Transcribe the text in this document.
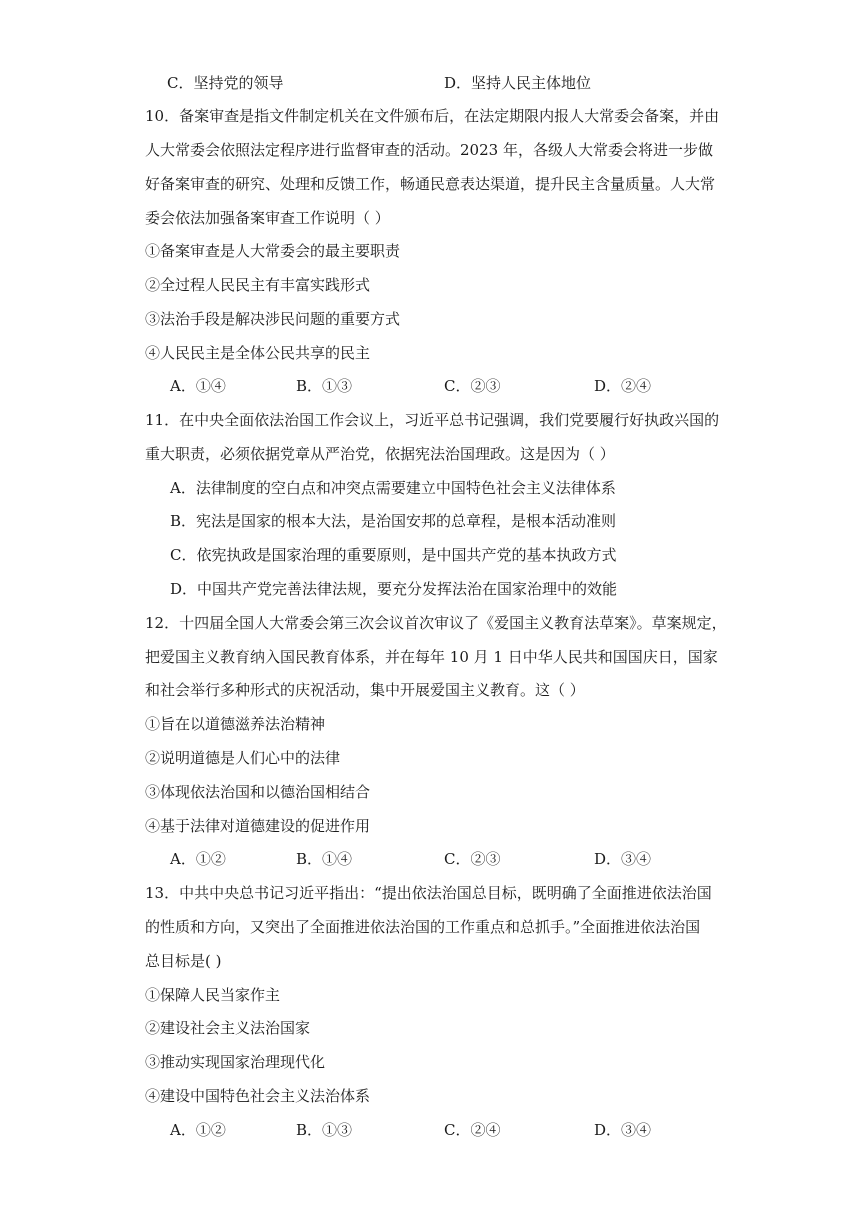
C．坚持党的领导	D．坚持人民主体地位
10．备案审查是指文件制定机关在文件颁布后，在法定期限内报人大常委会备案，并由
人大常委会依照法定程序进行监督审查的活动。2023 年，各级人大常委会将进一步做
好备案审查的研究、处理和反馈工作，畅通民意表达渠道，提升民主含量质量。人大常
委会依法加强备案审查工作说明（ ）
①备案审查是人大常委会的最主要职责
②全过程人民民主有丰富实践形式
③法治手段是解决涉民问题的重要方式
④人民民主是全体公民共享的民主
A．①④	B．①③	C．②③	D．②④
11．在中央全面依法治国工作会议上，习近平总书记强调，我们党要履行好执政兴国的
重大职责，必须依据党章从严治党，依据宪法治国理政。这是因为（ ）
A．法律制度的空白点和冲突点需要建立中国特色社会主义法律体系
B．宪法是国家的根本大法，是治国安邦的总章程，是根本活动准则
C．依宪执政是国家治理的重要原则，是中国共产党的基本执政方式
D．中国共产党完善法律法规，要充分发挥法治在国家治理中的效能
12．十四届全国人大常委会第三次会议首次审议了《爱国主义教育法草案》。草案规定，
把爱国主义教育纳入国民教育体系，并在每年 10 月 1 日中华人民共和国国庆日，国家
和社会举行多种形式的庆祝活动，集中开展爱国主义教育。这（ ）
①旨在以道德滋养法治精神
②说明道德是人们心中的法律
③体现依法治国和以德治国相结合
④基于法律对道德建设的促进作用
A．①②	B．①④	C．②③	D．③④
13．中共中央总书记习近平指出：“提出依法治国总目标，既明确了全面推进依法治国
的性质和方向，又突出了全面推进依法治国的工作重点和总抓手。”全面推进依法治国
总目标是( )
①保障人民当家作主
②建设社会主义法治国家
③推动实现国家治理现代化
④建设中国特色社会主义法治体系
A．①②	B．①③	C．②④	D．③④
